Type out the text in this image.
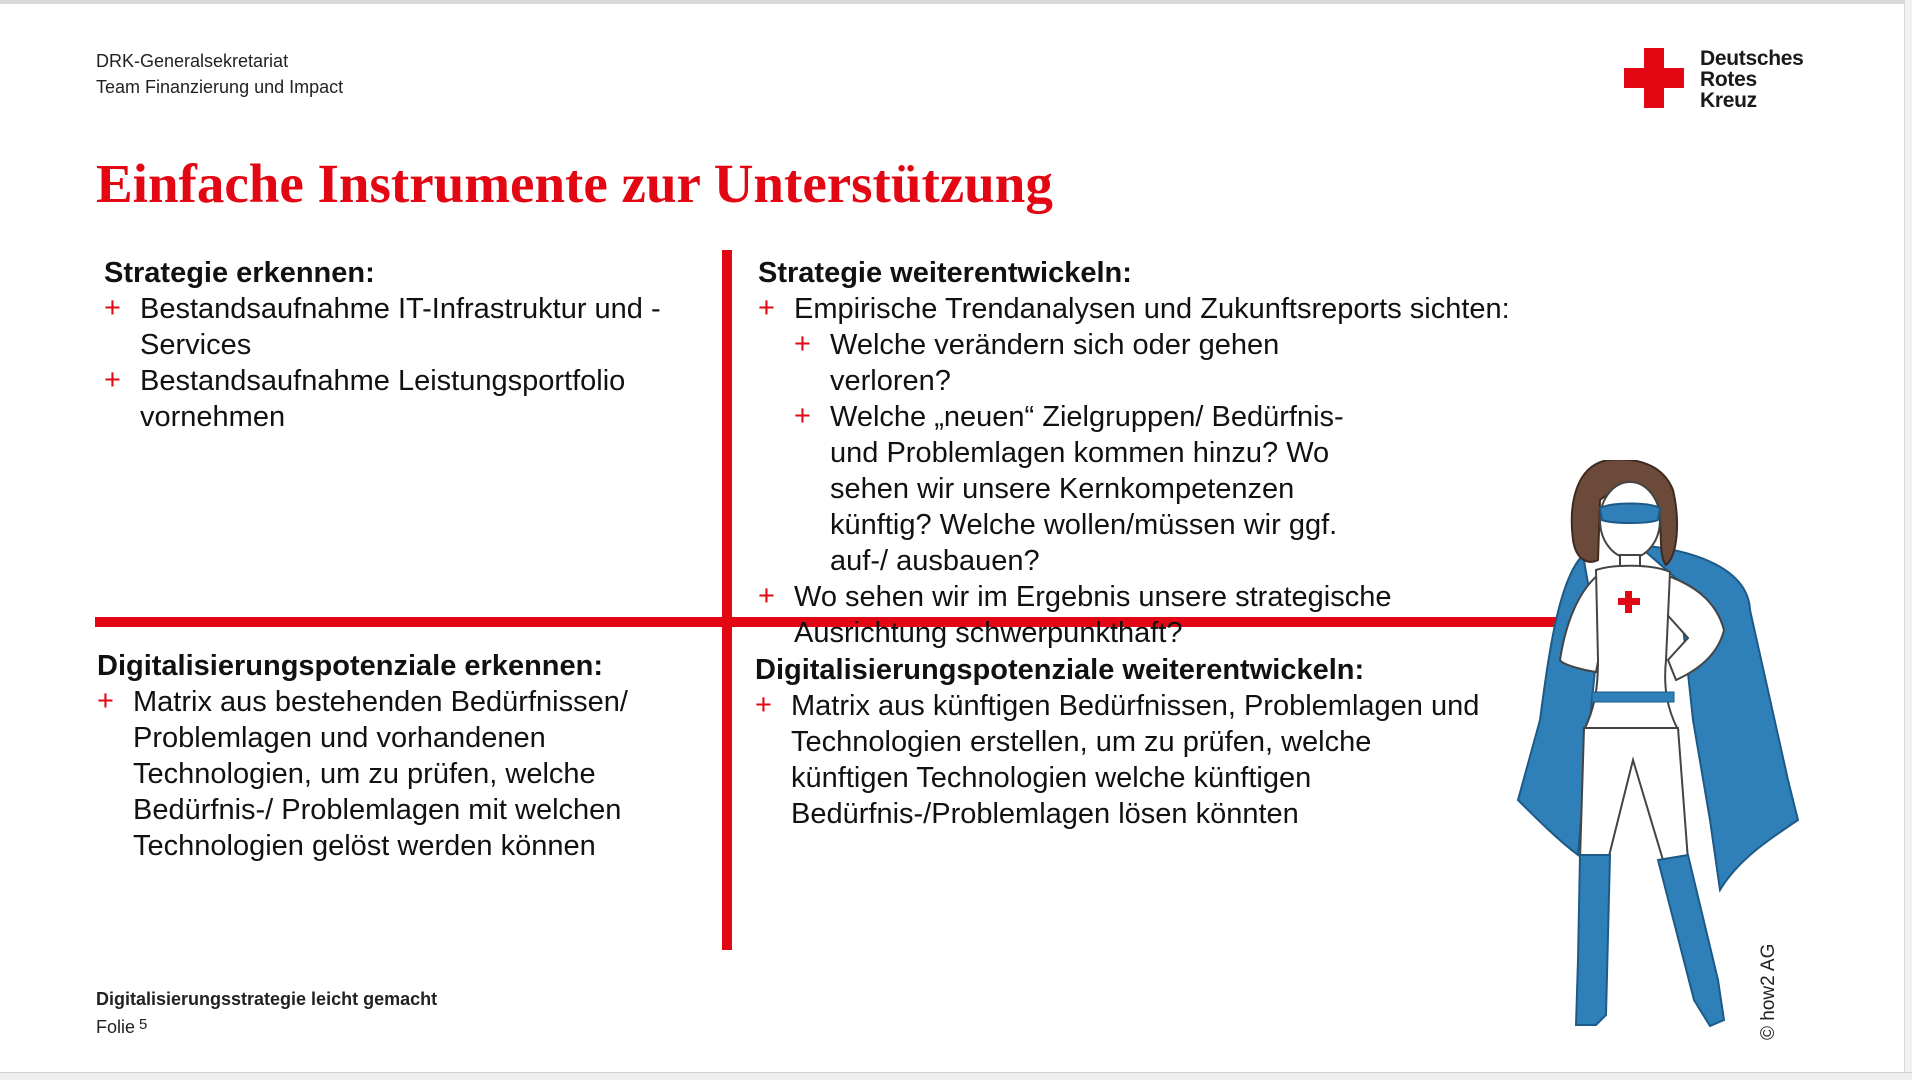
DRK-Generalsekretariat
Team Finanzierung und Impact
Deutsches
Rotes
Kreuz
Einfache Instrumente zur Unterstützung
Strategie erkennen:
+ Bestandsaufnahme IT-Infrastruktur und -Services
+ Bestandsaufnahme Leistungsportfolio vornehmen
Strategie weiterentwickeln:
+ Empirische Trendanalysen und Zukunftsreports sichten:
+ Welche verändern sich oder gehen verloren?
+ Welche „neuen“ Zielgruppen/ Bedürfnis- und Problemlagen kommen hinzu? Wo sehen wir unsere Kernkompetenzen künftig? Welche wollen/müssen wir ggf. auf-/ ausbauen?
+ Wo sehen wir im Ergebnis unsere strategische Ausrichtung schwerpunkthaft?
Digitalisierungspotenziale erkennen:
+ Matrix aus bestehenden Bedürfnissen/ Problemlagen und vorhandenen Technologien, um zu prüfen, welche Bedürfnis-/ Problemlagen mit welchen Technologien gelöst werden können
Digitalisierungspotenziale weiterentwickeln:
+ Matrix aus künftigen Bedürfnissen, Problemlagen und Technologien erstellen, um zu prüfen, welche künftigen Technologien welche künftigen Bedürfnis-/Problemlagen lösen könnten
© how2 AG
Digitalisierungsstrategie leicht gemacht
Folie $^5$
